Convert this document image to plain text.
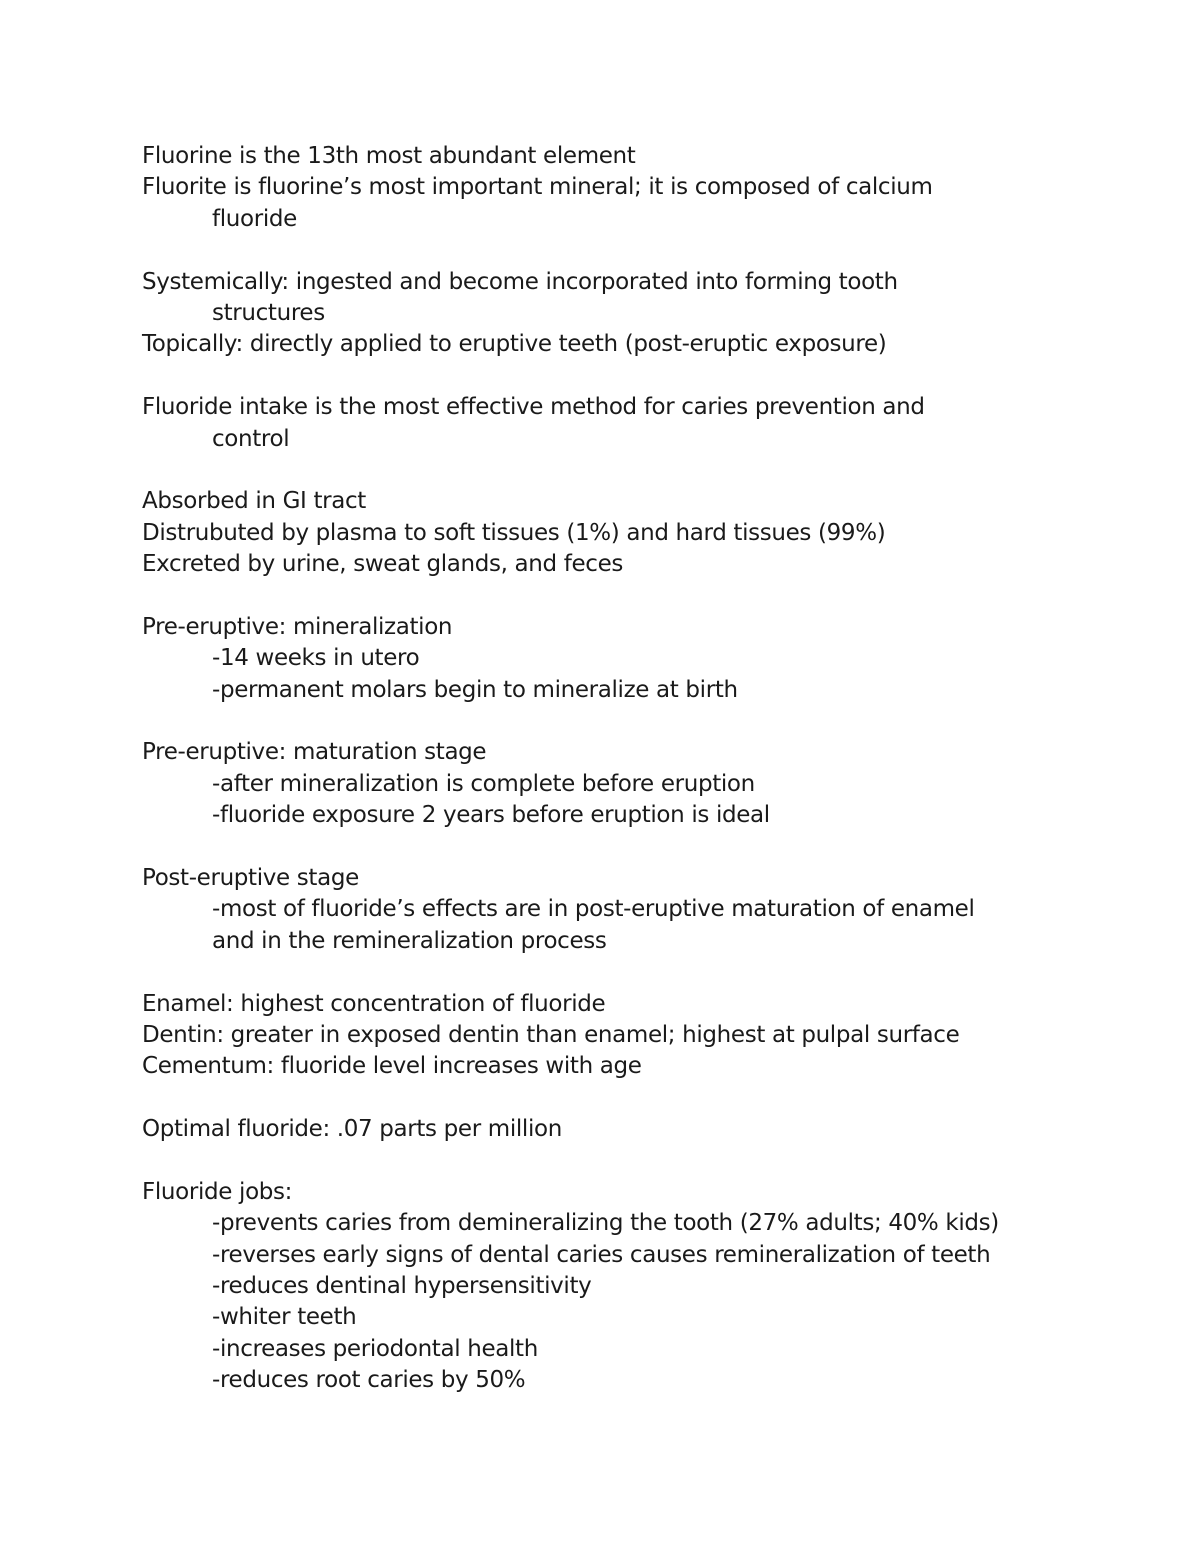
Fluorine is the 13th most abundant element
Fluorite is fluorine’s most important mineral; it is composed of calcium
fluoride
Systemically: ingested and become incorporated into forming tooth
structures
Topically: directly applied to eruptive teeth (post-eruptic exposure)
Fluoride intake is the most effective method for caries prevention and
control
Absorbed in GI tract
Distrubuted by plasma to soft tissues (1%) and hard tissues (99%)
Excreted by urine, sweat glands, and feces
Pre-eruptive: mineralization
-14 weeks in utero
-permanent molars begin to mineralize at birth
Pre-eruptive: maturation stage
-after mineralization is complete before eruption
-fluoride exposure 2 years before eruption is ideal
Post-eruptive stage
-most of fluoride’s effects are in post-eruptive maturation of enamel
and in the remineralization process
Enamel: highest concentration of fluoride
Dentin: greater in exposed dentin than enamel; highest at pulpal surface
Cementum: fluoride level increases with age
Optimal fluoride: .07 parts per million
Fluoride jobs:
-prevents caries from demineralizing the tooth (27% adults; 40% kids)
-reverses early signs of dental caries causes remineralization of teeth
-reduces dentinal hypersensitivity
-whiter teeth
-increases periodontal health
-reduces root caries by 50%
